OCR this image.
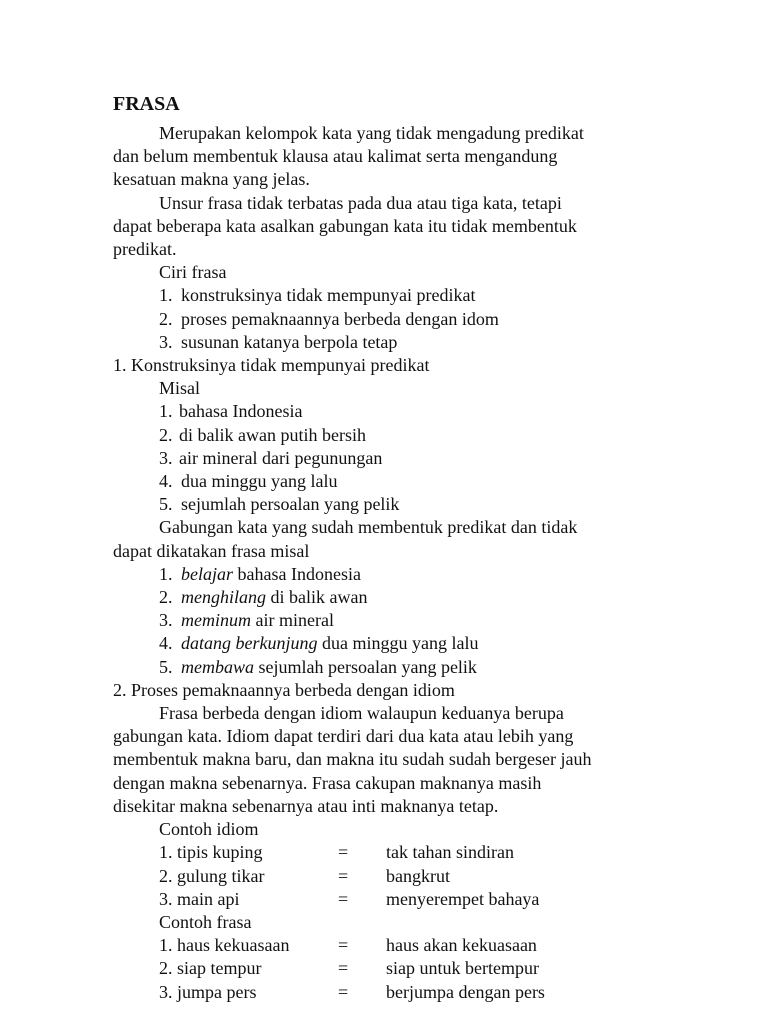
FRASA
Merupakan kelompok kata yang tidak mengadung predikat
dan belum membentuk klausa atau kalimat serta mengandung
kesatuan makna yang jelas.
Unsur frasa tidak terbatas pada dua atau tiga kata, tetapi
dapat beberapa kata asalkan gabungan kata itu tidak membentuk
predikat.
Ciri frasa
1. konstruksinya tidak mempunyai predikat
2. proses pemaknaannya berbeda dengan idom
3. susunan katanya berpola tetap
1. Konstruksinya tidak mempunyai predikat
Misal
1. bahasa Indonesia
2. di balik awan putih bersih
3. air mineral dari pegunungan
4. dua minggu yang lalu
5. sejumlah persoalan yang pelik
Gabungan kata yang sudah membentuk predikat dan tidak
dapat dikatakan frasa misal
1. belajar bahasa Indonesia
2. menghilang di balik awan
3. meminum air mineral
4. datang berkunjung dua minggu yang lalu
5. membawa sejumlah persoalan yang pelik
2. Proses pemaknaannya berbeda dengan idiom
Frasa berbeda dengan idiom walaupun keduanya berupa
gabungan kata. Idiom dapat terdiri dari dua kata atau lebih yang
membentuk makna baru, dan makna itu sudah sudah bergeser jauh
dengan makna sebenarnya. Frasa cakupan maknanya masih
disekitar makna sebenarnya atau inti maknanya tetap.
Contoh idiom
1. tipis kuping	=	tak tahan sindiran
2. gulung tikar	=	bangkrut
3. main api	=	menyerempet bahaya
Contoh frasa
1. haus kekuasaan	=	haus akan kekuasaan
2. siap tempur	=	siap untuk bertempur
3. jumpa pers	=	berjumpa dengan pers
